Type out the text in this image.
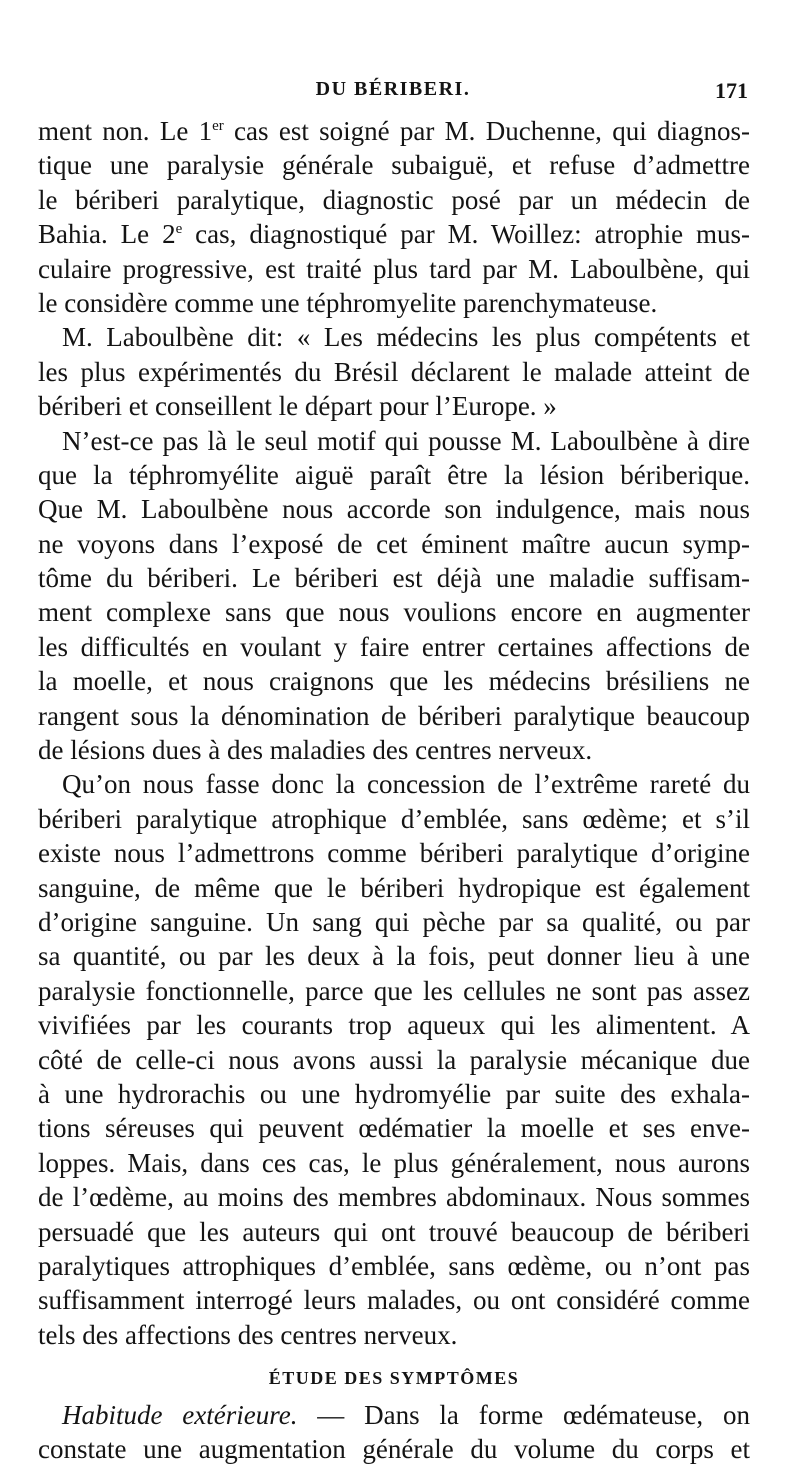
DU BÉRIBERI.	171
ment non. Le 1er cas est soigné par M. Duchenne, qui diagnos-
tique une paralysie générale subaiguë, et refuse d’admettre
le bériberi paralytique, diagnostic posé par un médecin de
Bahia. Le 2e cas, diagnostiqué par M. Woillez: atrophie mus-
culaire progressive, est traité plus tard par M. Laboulbène, qui
le considère comme une téphromyelite parenchymateuse.
M. Laboulbène dit: « Les médecins les plus compétents et
les plus expérimentés du Brésil déclarent le malade atteint de
bériberi et conseillent le départ pour l’Europe. »
N’est-ce pas là le seul motif qui pousse M. Laboulbène à dire
que la téphromyélite aiguë paraît être la lésion bériberique.
Que M. Laboulbène nous accorde son indulgence, mais nous
ne voyons dans l’exposé de cet éminent maître aucun symp-
tôme du bériberi. Le bériberi est déjà une maladie suffisam-
ment complexe sans que nous voulions encore en augmenter
les difficultés en voulant y faire entrer certaines affections de
la moelle, et nous craignons que les médecins brésiliens ne
rangent sous la dénomination de bériberi paralytique beaucoup
de lésions dues à des maladies des centres nerveux.
Qu’on nous fasse donc la concession de l’extrême rareté du
bériberi paralytique atrophique d’emblée, sans œdème; et s’il
existe nous l’admettrons comme bériberi paralytique d’origine
sanguine, de même que le bériberi hydropique est également
d’origine sanguine. Un sang qui pèche par sa qualité, ou par
sa quantité, ou par les deux à la fois, peut donner lieu à une
paralysie fonctionnelle, parce que les cellules ne sont pas assez
vivifiées par les courants trop aqueux qui les alimentent. A
côté de celle-ci nous avons aussi la paralysie mécanique due
à une hydrorachis ou une hydromyélie par suite des exhala-
tions séreuses qui peuvent œdématier la moelle et ses enve-
loppes. Mais, dans ces cas, le plus généralement, nous aurons
de l’œdème, au moins des membres abdominaux. Nous sommes
persuadé que les auteurs qui ont trouvé beaucoup de bériberi
paralytiques attrophiques d’emblée, sans œdème, ou n’ont pas
suffisamment interrogé leurs malades, ou ont considéré comme
tels des affections des centres nerveux.
ÉTUDE DES SYMPTÔMES
Habitude extérieure. — Dans la forme œdémateuse, on
constate une augmentation générale du volume du corps et
